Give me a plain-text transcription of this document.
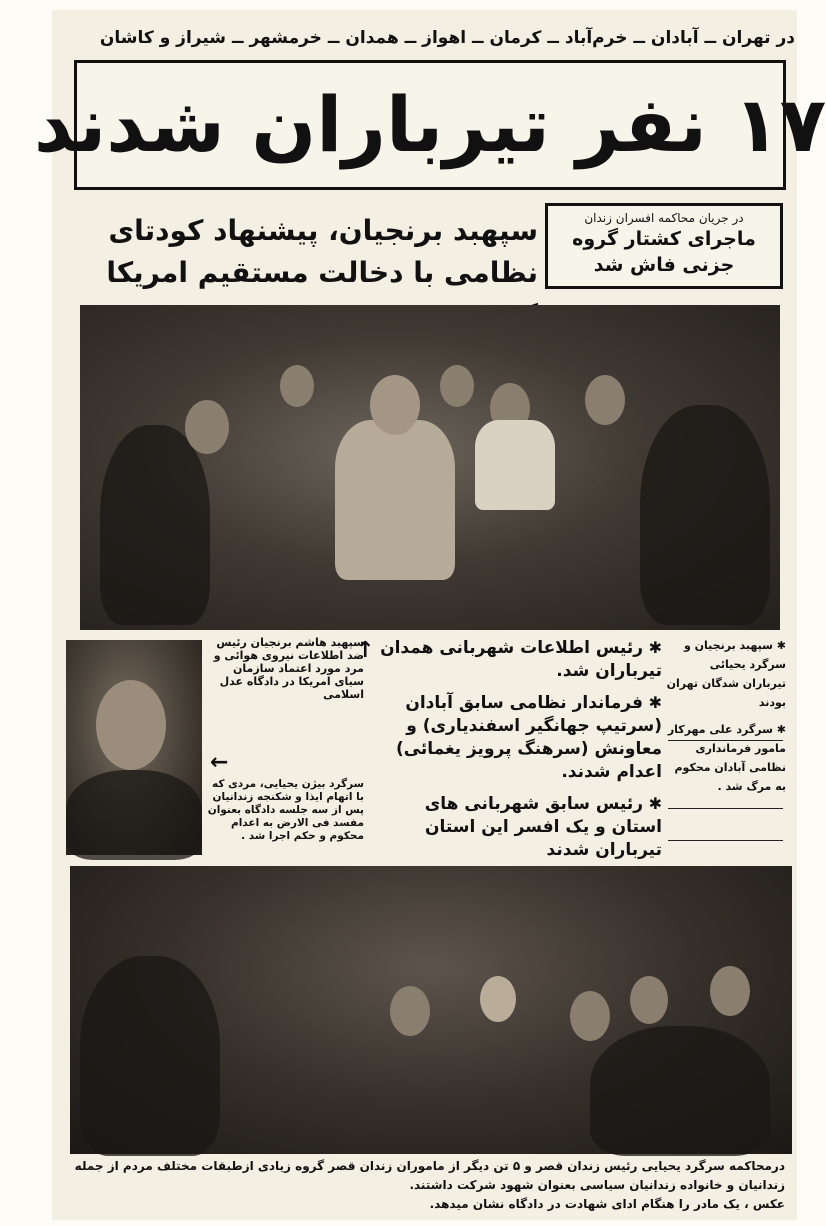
در تهران ــ آبادان ــ خرم‌آباد ــ کرمان ــ اهواز ــ همدان ــ خرمشهر ــ شیراز و کاشان
۱۷ نفر تیرباران شدند
سپهبد برنجیان، پیشنهاد کودتای نظامی با دخالت مستقیم امریکا
در جریان محاکمه افسران زندان
ماجرای کشتار گروه جزنی فاش شد
سپهبد هاشم برنجیان رئیس ضد اطلاعات نیروی هوائی و مرد مورد اعتماد سازمان سیای امریکا در دادگاه عدل اسلامی
↑
←
سرگرد بیژن یحیایی، مردی که با اتهام ایذا و شکنجه زندانیان پس از سه جلسه دادگاه بعنوان مفسد فی الارض به اعدام محکوم و حکم اجرا شد .

✱ رئیس اطلاعات شهربانی همدان تیرباران شد.

✱ فرماندار نظامی سابق آبادان (سرتیپ جهانگیر اسفندیاری) و معاونش (سرهنگ پرویز یغمائی) اعدام شدند.

✱ رئیس سابق شهربانی های استان و یک افسر این استان تیرباران شدند

✱ سپهبد برنجیان و سرگرد یحیائی تیرباران شدگان تهران بودند

✱ سرگرد علی مهرکار مامور فرمانداری نظامی آبادان محکوم به مرگ شد .

درمحاکمه سرگرد یحیایی رئیس زندان قصر و ۵ تن دیگر از ماموران زندان قصر گروه زیادی ازطبقات مختلف مردم از جمله
زندانیان و خانواده زندانیان سیاسی بعنوان شهود شرکت داشتند.
عکس ، یک مادر را هنگام ادای شهادت در دادگاه نشان میدهد.
